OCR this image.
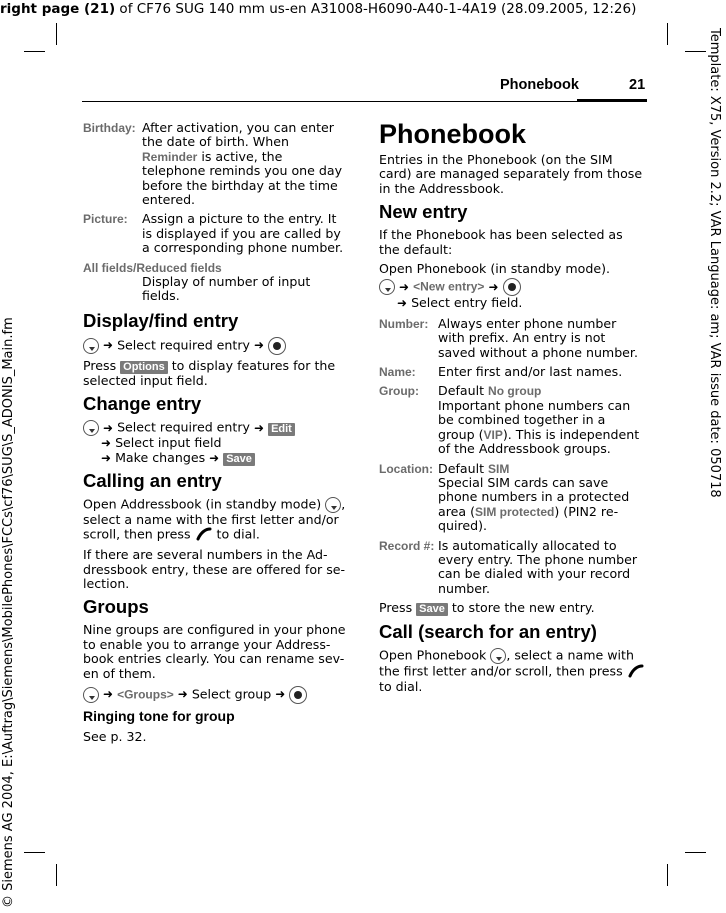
right page (21) of CF76 SUG 140 mm us-en A31008-H6090-A40-1-4A19 (28.09.2005, 12:26)
Template: X75, Version 2.2; VAR Language: am; VAR issue date: 050718
© Siemens AG 2004, E:\Auftrag\Siemens\MobilePhones\FCCs\cf76\SUG\S_ADONIS_Main.fm
Phonebook	21
Birthday: After activation, you can enter the date of birth. When Reminder is active, the telephone reminds you one day before the birthday at the time entered.
Picture:	Assign a picture to the entry. It is displayed if you are called by a corresponding phone number.
All fields/Reduced fields
Display of number of input fields.
Display/find entry
➜ Select required entry ➜

Press Options to display features for the selected input field.

Change entry
➜ Select required entry ➜ Edit
➜ Select input field
➜ Make changes ➜ Save
Calling an entry

Open Addressbook (in standby mode) , select a name with the first letter and/or scroll, then press  to dial.

If there are several numbers in the Ad-dressbook entry, these are offered for se-lection.

Groups

Nine groups are configured in your phone to enable you to arrange your Address-book entries clearly. You can rename sev-en of them.

➜ <Groups> ➜ Select group ➜
Ringing tone for group

See p. 32.

Phonebook

Entries in the Phonebook (on the SIM card) are managed separately from those in the Addressbook.

New entry

If the Phonebook has been selected as the default:

Open Phonebook (in standby mode).

➜ <New entry> ➜
➜ Select entry field.
Number: Always enter phone number with prefix. An entry is not saved without a phone number.
Name:	Enter first and/or last names.
Group:	Default No group
Important phone numbers can be combined together in a group (VIP). This is independent of the Addressbook groups.
Location: Default SIM
Special SIM cards can save phone numbers in a protected area (SIM protected) (PIN2 re-quired).
Record #: Is automatically allocated to every entry. The phone number can be dialed with your record number.

Press Save to store the new entry.

Call (search for an entry)

Open Phonebook , select a name with the first letter and/or scroll, then press  to dial.
